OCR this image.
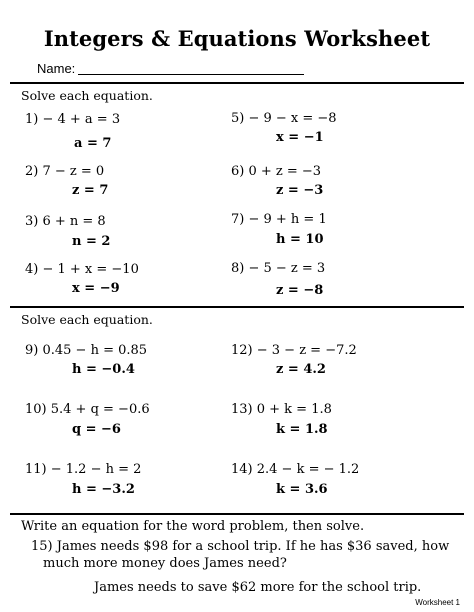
Integers & Equations Worksheet
Name:
Solve each equation.
1) − 4 + a = 3
a = 7
5) − 9 − x = −8
x = −1
2) 7 − z = 0
z = 7
6) 0 + z = −3
z = −3
3) 6 + n = 8
n = 2
7) − 9 + h = 1
h = 10
4) − 1 + x = −10
x = −9
8) − 5 − z = 3
z = −8
Solve each equation.
9) 0.45 − h = 0.85
h = −0.4
12) − 3 − z = −7.2
z = 4.2
10) 5.4 + q = −0.6
q = −6
13) 0 + k = 1.8
k = 1.8
11) − 1.2 − h = 2
h = −3.2
14) 2.4 − k = − 1.2
k = 3.6
Write an equation for the word problem, then solve.
15) James needs $98 for a school trip. If he has $36 saved, how
much more money does James need?
James needs to save $62 more for the school trip.
Worksheet 1
